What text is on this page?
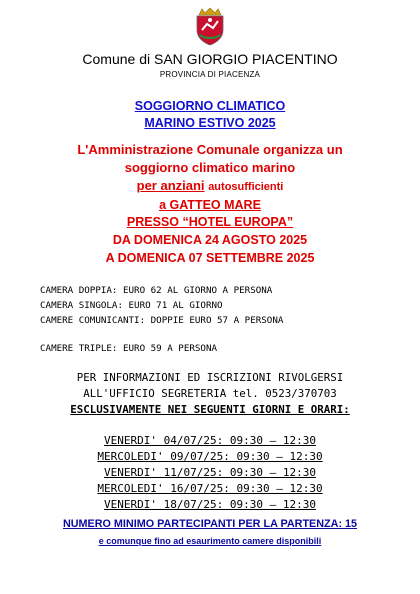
Comune di SAN GIORGIO PIACENTINO
PROVINCIA DI PIACENZA
SOGGIORNO CLIMATICO
MARINO ESTIVO 2025
L'Amministrazione Comunale organizza un
soggiorno climatico marino
per anziani autosufficienti
a GATTEO MARE
PRESSO “HOTEL EUROPA”
DA DOMENICA 24 AGOSTO 2025
A DOMENICA 07 SETTEMBRE 2025
CAMERA DOPPIA: EURO 62 AL GIORNO A PERSONA
CAMERA SINGOLA: EURO 71 AL GIORNO
CAMERE COMUNICANTI: DOPPIE EURO 57 A PERSONA
CAMERE TRIPLE: EURO 59 A PERSONA
PER INFORMAZIONI ED ISCRIZIONI RIVOLGERSI
ALL'UFFICIO SEGRETERIA tel. 0523/370703
ESCLUSIVAMENTE NEI SEGUENTI GIORNI E ORARI:
VENERDI' 04/07/25: 09:30 – 12:30
MERCOLEDI' 09/07/25: 09:30 – 12:30
VENERDI' 11/07/25: 09:30 – 12:30
MERCOLEDI' 16/07/25: 09:30 – 12:30
VENERDI' 18/07/25: 09:30 – 12:30
NUMERO MINIMO PARTECIPANTI PER LA PARTENZA: 15
e comunque fino ad esaurimento camere disponibili
